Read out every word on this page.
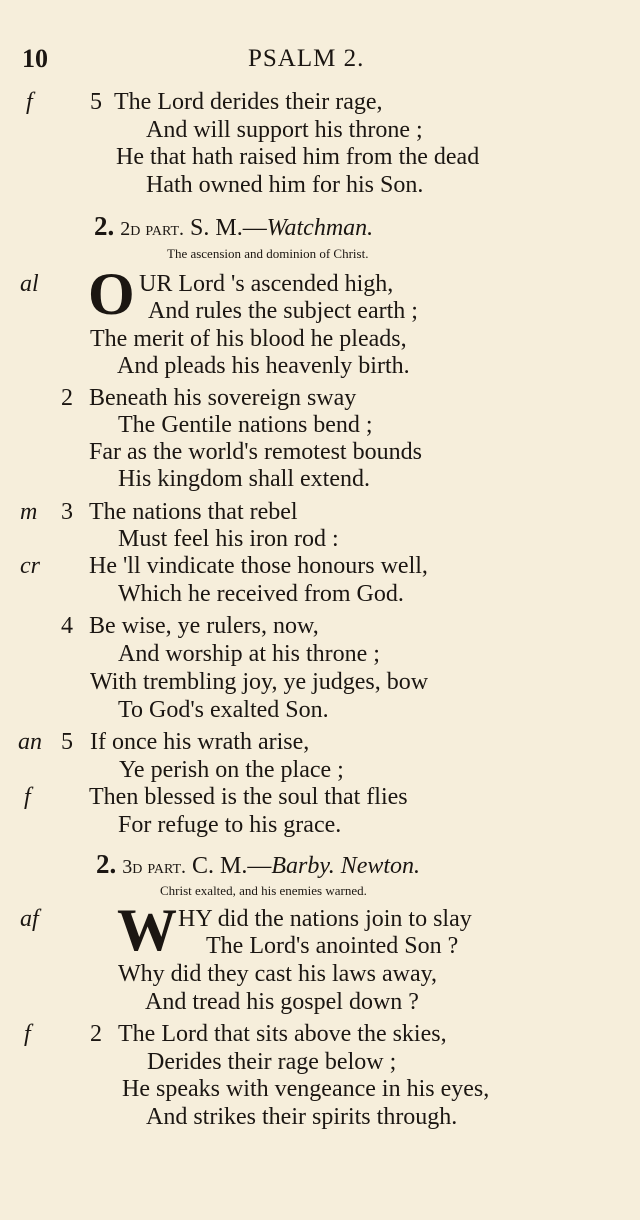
10	PSALM 2.
f 5 The Lord derides their rage,
And will support his throne ;
He that hath raised him from the dead
Hath owned him for his Son.
2. 2d part. S. M.—Watchman.
The ascension and dominion of Christ.
al O UR Lord 's ascended high,
And rules the subject earth ;
The merit of his blood he pleads,
And pleads his heavenly birth.
2 Beneath his sovereign sway
The Gentile nations bend ;
Far as the world's remotest bounds
His kingdom shall extend.
m 3 The nations that rebel
Must feel his iron rod :
cr He 'll vindicate those honours well,
Which he received from God.
4 Be wise, ye rulers, now,
And worship at his throne ;
With trembling joy, ye judges, bow
To God's exalted Son.
an 5 If once his wrath arise,
Ye perish on the place ;
f Then blessed is the soul that flies
For refuge to his grace.
2. 3d part. C. M.—Barby. Newton.
Christ exalted, and his enemies warned.
af W HY did the nations join to slay
The Lord's anointed Son ?
Why did they cast his laws away,
And tread his gospel down ?
f 2 The Lord that sits above the skies,
Derides their rage below ;
He speaks with vengeance in his eyes,
And strikes their spirits through.
